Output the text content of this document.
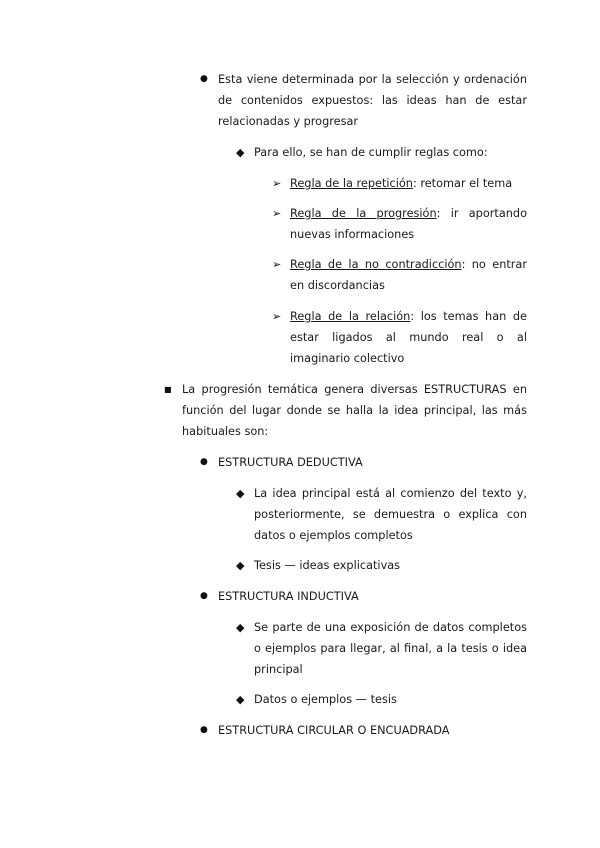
● Esta viene determinada por la selección y ordenación de contenidos expuestos: las ideas han de estar relacionadas y progresar
◆ Para ello, se han de cumplir reglas como:
➢ Regla de la repetición: retomar el tema
➢ Regla de la progresión: ir aportando nuevas informaciones
➢ Regla de la no contradicción: no entrar en discordancias
➢ Regla de la relación: los temas han de estar ligados al mundo real o al imaginario colectivo
■ La progresión temática genera diversas ESTRUCTURAS en función del lugar donde se halla la idea principal, las más habituales son:
● ESTRUCTURA DEDUCTIVA
◆ La idea principal está al comienzo del texto y, posteriormente, se demuestra o explica con datos o ejemplos completos
◆ Tesis — ideas explicativas
● ESTRUCTURA INDUCTIVA
◆ Se parte de una exposición de datos completos o ejemplos para llegar, al final, a la tesis o idea principal
◆ Datos o ejemplos — tesis
● ESTRUCTURA CIRCULAR O ENCUADRADA
